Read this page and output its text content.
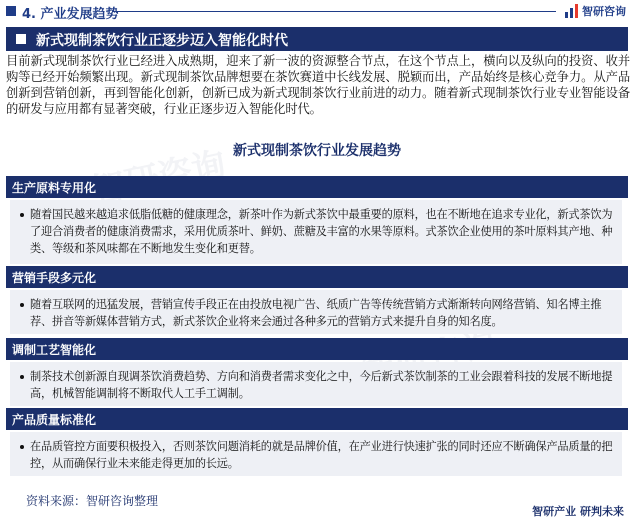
4. 产业发展趋势	智研咨询
新式现制茶饮行业正逐步迈入智能化时代
目前新式现制茶饮行业已经进入成熟期，迎来了新一波的资源整合节点，在这个节点上，横向以及纵向的投资、收并购等已经开始频繁出现。新式现制茶饮品牌想要在茶饮赛道中长线发展、脱颖而出，产品始终是核心竞争力。从产品创新到营销创新，再到智能化创新，创新已成为新式现制茶饮行业前进的动力。随着新式现制茶饮行业专业智能设备的研发与应用都有显著突破，行业正逐步迈入智能化时代。
新式现制茶饮行业发展趋势
生产原料专用化
随着国民越来越追求低脂低糖的健康理念，新茶叶作为新式茶饮中最重要的原料，也在不断地在追求专业化，新式茶饮为了迎合消费者的健康消费需求，采用优质茶叶、鲜奶、蔗糖及丰富的水果等原料。式茶饮企业使用的茶叶原料其产地、种类、等级和茶风味都在不断地发生变化和更替。
营销手段多元化
随着互联网的迅猛发展，营销宣传手段正在由投放电视广告、纸质广告等传统营销方式渐渐转向网络营销、知名博主推荐、拼音等新媒体营销方式，新式茶饮企业将来会通过各种多元的营销方式来提升自身的知名度。
调制工艺智能化
制茶技术创新源自现调茶饮消费趋势、方向和消费者需求变化之中，今后新式茶饮制茶的工业会跟着科技的发展不断地提高，机械智能调制将不断取代人工手工调制。
产品质量标准化
在品质管控方面要积极投入，否则茶饮问题消耗的就是品牌价值，在产业进行快速扩张的同时还应不断确保产品质量的把控，从而确保行业未来能走得更加的长远。
资料来源：智研咨询整理
智研产业 研判未来
